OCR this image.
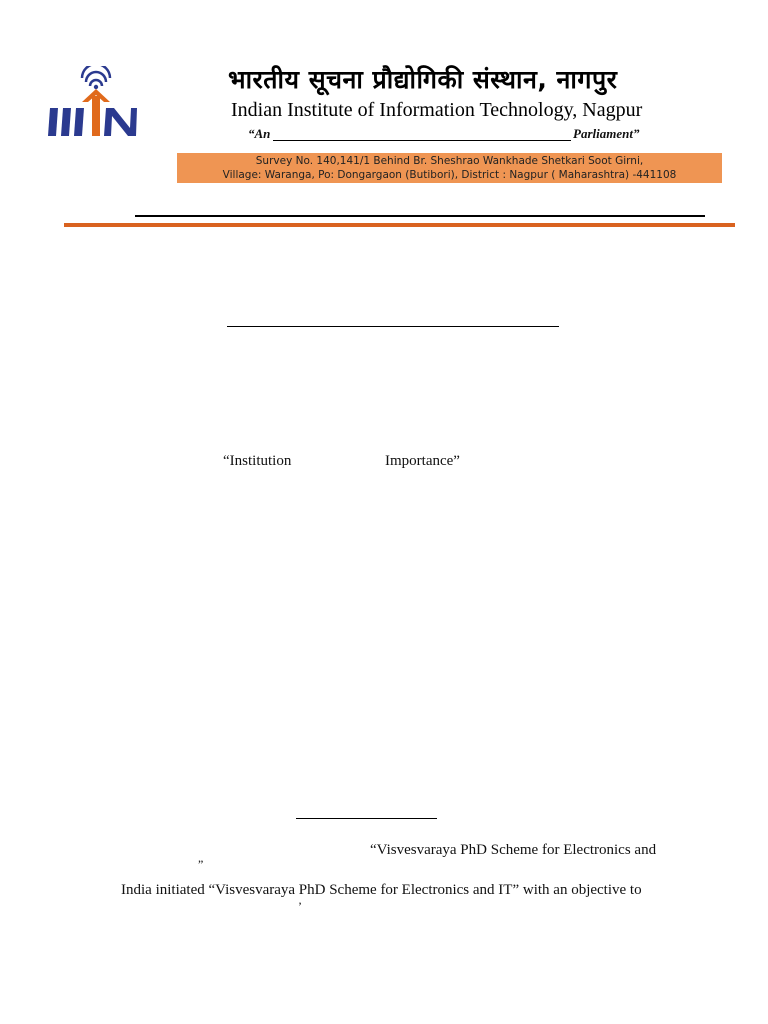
भारतीय सूचना प्रौद्योगिकी संस्थान, नागपुर
Indian Institute of Information Technology, Nagpur
“An	Parliament”
Survey No. 140,141/1 Behind Br. Sheshrao Wankhade Shetkari Soot Girni,
Village: Waranga, Po: Dongargaon (Butibori), District : Nagpur ( Maharashtra) -441108
“Institution	Importance”
“Visvesvaraya PhD Scheme for Electronics and
”
India initiated “Visvesvaraya PhD Scheme for Electronics and IT” with an objective to
’
